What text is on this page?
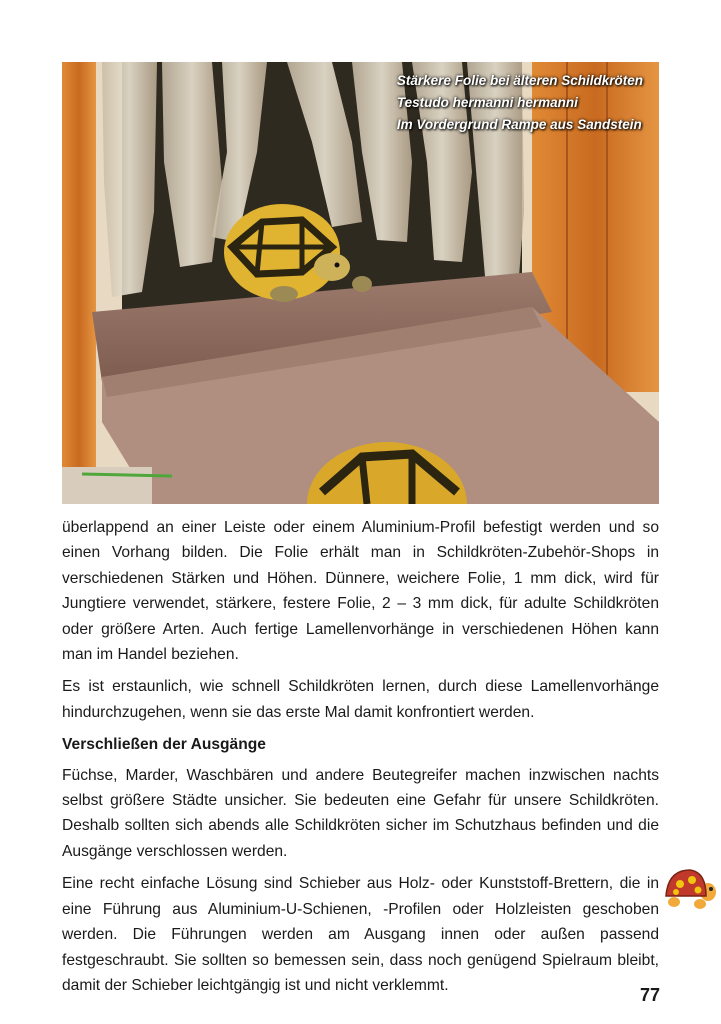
Stärkere Folie bei älteren Schildkröten
Testudo hermanni hermanni
Im Vordergrund Rampe aus Sandstein

überlappend an einer Leiste oder einem Aluminium-Profil befestigt werden und so einen Vorhang bilden. Die Folie erhält man in Schildkröten-Zubehör-Shops in verschiedenen Stärken und Höhen. Dünnere, weichere Folie, 1 mm dick, wird für Jungtiere verwendet, stärkere, festere Folie, 2 – 3 mm dick, für adulte Schildkröten oder größere Arten. Auch fertige Lamellenvorhänge in verschiedenen Höhen kann man im Handel beziehen.

Es ist erstaunlich, wie schnell Schildkröten lernen, durch diese Lamellenvorhänge hindurchzugehen, wenn sie das erste Mal damit konfrontiert werden.

Verschließen der Ausgänge

Füchse, Marder, Waschbären und andere Beutegreifer machen inzwischen nachts selbst größere Städte unsicher. Sie bedeuten eine Gefahr für unsere Schildkröten. Deshalb sollten sich abends alle Schildkröten sicher im Schutzhaus befinden und die Ausgänge verschlossen werden.

Eine recht einfache Lösung sind Schieber aus Holz- oder Kunststoff-Brettern, die in eine Führung aus Aluminium-U-Schienen, -Profilen oder Holzleisten geschoben werden. Die Führungen werden am Ausgang innen oder außen passend festgeschraubt. Sie sollten so bemessen sein, dass noch genügend Spielraum bleibt, damit der Schieber leichtgängig ist und nicht verklemmt.	77
